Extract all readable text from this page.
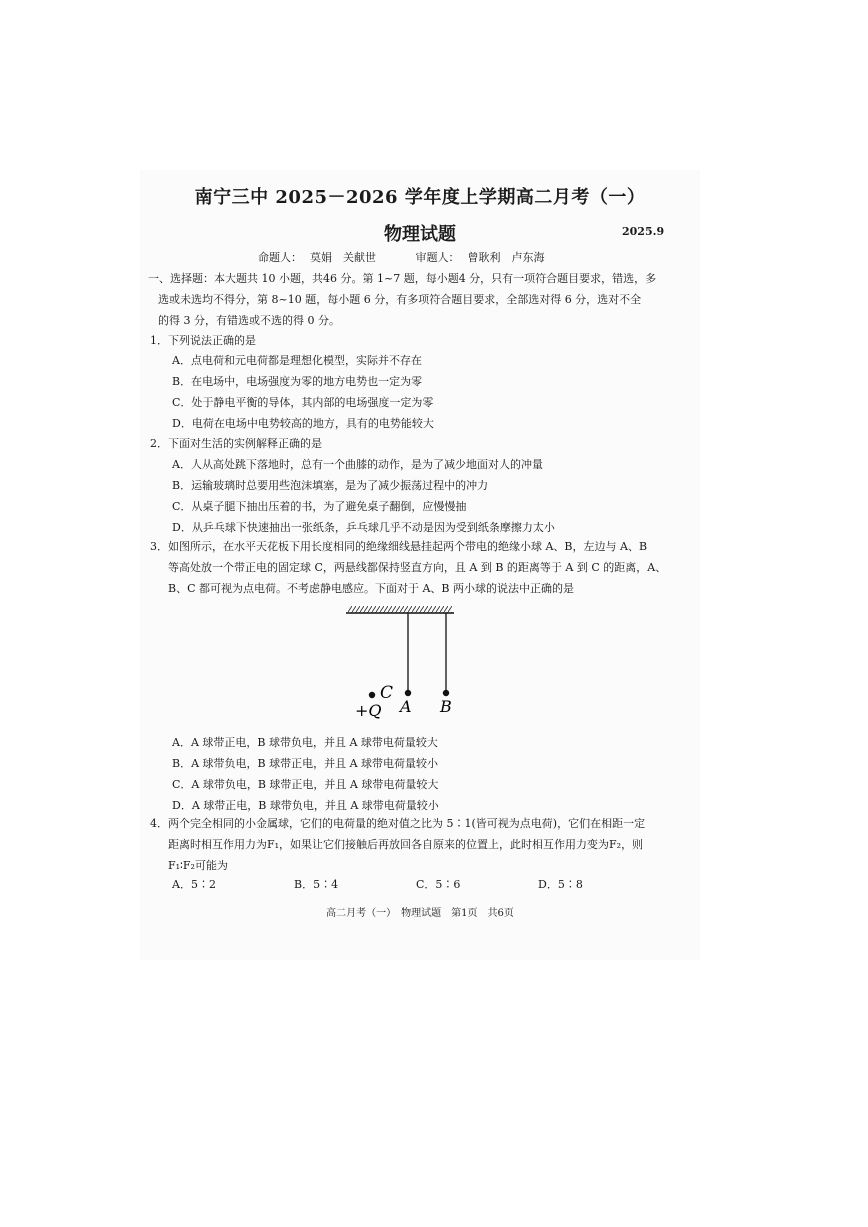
南宁三中 2025－2026 学年度上学期高二月考（一）
物理试题	2025.9
命题人： 莫娟　关献世	审题人： 曾耿利　卢东海
一、选择题：本大题共 10 小题，共46 分。第 1~7 题，每小题4 分，只有一项符合题目要求，错选，多
选或未选均不得分，第 8~10 题，每小题 6 分，有多项符合题目要求，全部选对得 6 分，选对不全
的得 3 分，有错选或不选的得 0 分。
1．下列说法正确的是
A．点电荷和元电荷都是理想化模型，实际并不存在
B．在电场中，电场强度为零的地方电势也一定为零
C．处于静电平衡的导体，其内部的电场强度一定为零
D．电荷在电场中电势较高的地方，具有的电势能较大
2．下面对生活的实例解释正确的是
A．人从高处跳下落地时，总有一个曲膝的动作，是为了减少地面对人的冲量
B．运输玻璃时总要用些泡沫填塞，是为了减少振荡过程中的冲力
C．从桌子腿下抽出压着的书，为了避免桌子翻倒，应慢慢抽
D．从乒乓球下快速抽出一张纸条，乒乓球几乎不动是因为受到纸条摩擦力太小
3．如图所示，在水平天花板下用长度相同的绝缘细线悬挂起两个带电的绝缘小球 A、B，左边与 A、B
等高处放一个带正电的固定球 C，两悬线都保持竖直方向，且 A 到 B 的距离等于 A 到 C 的距离，A、
B、C 都可视为点电荷。不考虑静电感应。下面对于 A、B 两小球的说法中正确的是
C
+Q A B
A．A 球带正电，B 球带负电，并且 A 球带电荷量较大
B．A 球带负电，B 球带正电，并且 A 球带电荷量较小
C．A 球带负电，B 球带正电，并且 A 球带电荷量较大
D．A 球带正电，B 球带负电，并且 A 球带电荷量较小
4．两个完全相同的小金属球，它们的电荷量的绝对值之比为 5∶1(皆可视为点电荷)，它们在相距一定
距离时相互作用力为F₁，如果让它们接触后再放回各自原来的位置上，此时相互作用力变为F₂，则
F₁∶F₂可能为
A．5∶2	B．5∶4	C．5∶6	D．5∶8
高二月考（一）　物理试题　第1页　共6页
